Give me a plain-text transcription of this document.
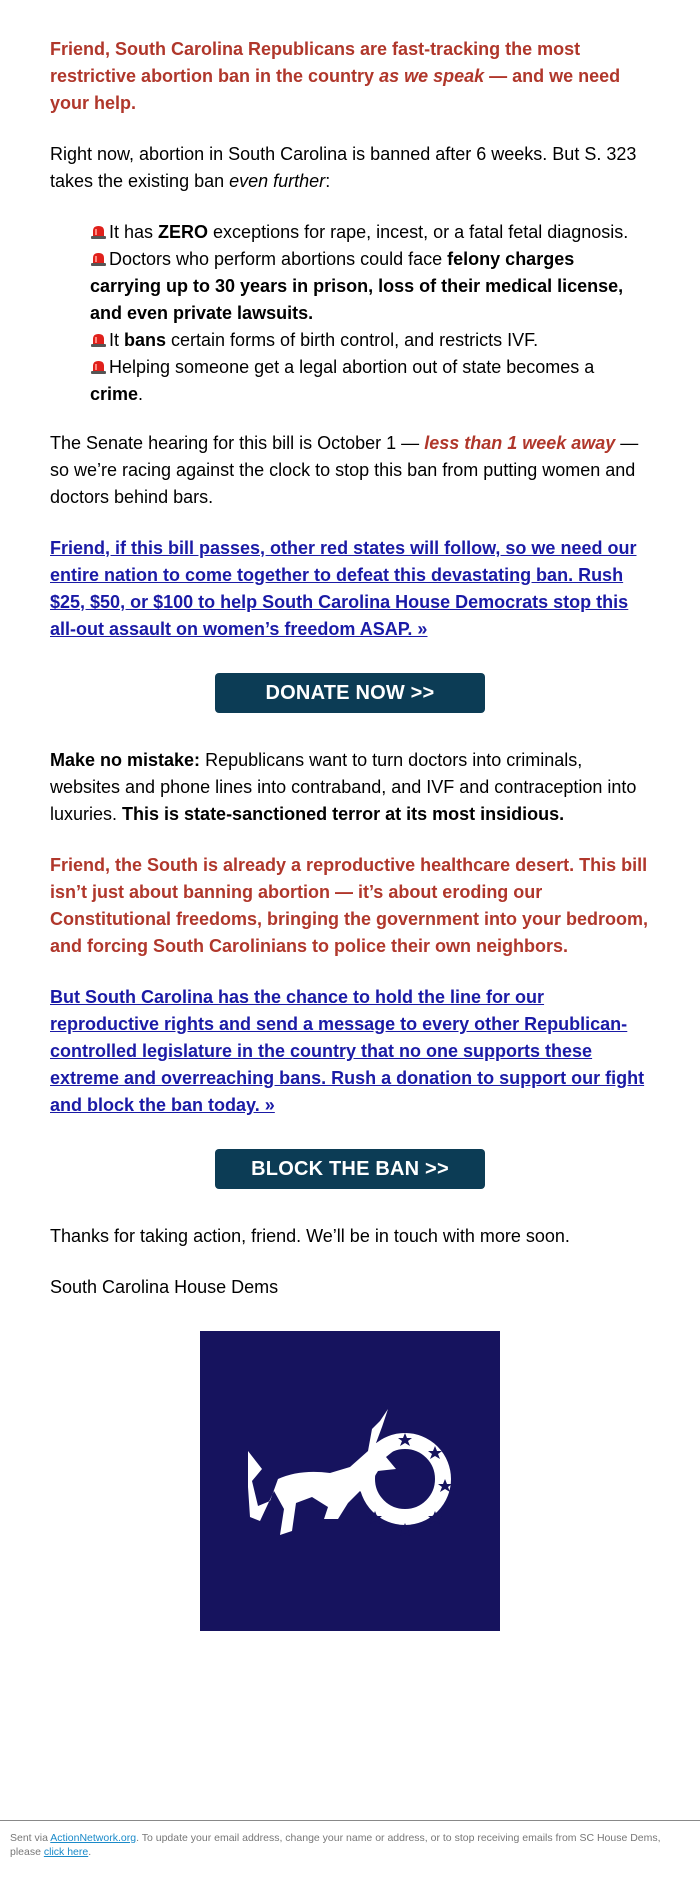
Friend, South Carolina Republicans are fast-tracking the most restrictive abortion ban in the country as we speak — and we need your help.

Right now, abortion in South Carolina is banned after 6 weeks. But S. 323 takes the existing ban even further:

It has ZERO exceptions for rape, incest, or a fatal fetal diagnosis.
Doctors who perform abortions could face felony charges carrying up to 30 years in prison, loss of their medical license, and even private lawsuits.
It bans certain forms of birth control, and restricts IVF.
Helping someone get a legal abortion out of state becomes a crime.

The Senate hearing for this bill is October 1 — less than 1 week away — so we’re racing against the clock to stop this ban from putting women and doctors behind bars.

Friend, if this bill passes, other red states will follow, so we need our entire nation to come together to defeat this devastating ban. Rush $25, $50, or $100 to help South Carolina House Democrats stop this all-out assault on women’s freedom ASAP. »

DONATE NOW >>

Make no mistake: Republicans want to turn doctors into criminals, websites and phone lines into contraband, and IVF and contraception into luxuries. This is state-sanctioned terror at its most insidious.

Friend, the South is already a reproductive healthcare desert. This bill isn’t just about banning abortion — it’s about eroding our Constitutional freedoms, bringing the government into your bedroom, and forcing South Carolinians to police their own neighbors.

But South Carolina has the chance to hold the line for our reproductive rights and send a message to every other Republican-controlled legislature in the country that no one supports these extreme and overreaching bans. Rush a donation to support our fight and block the ban today. »

BLOCK THE BAN >>

Thanks for taking action, friend. We’ll be in touch with more soon.

South Carolina House Dems

Sent via ActionNetwork.org. To update your email address, change your name or address, or to stop receiving emails from SC House Dems, please click here.
